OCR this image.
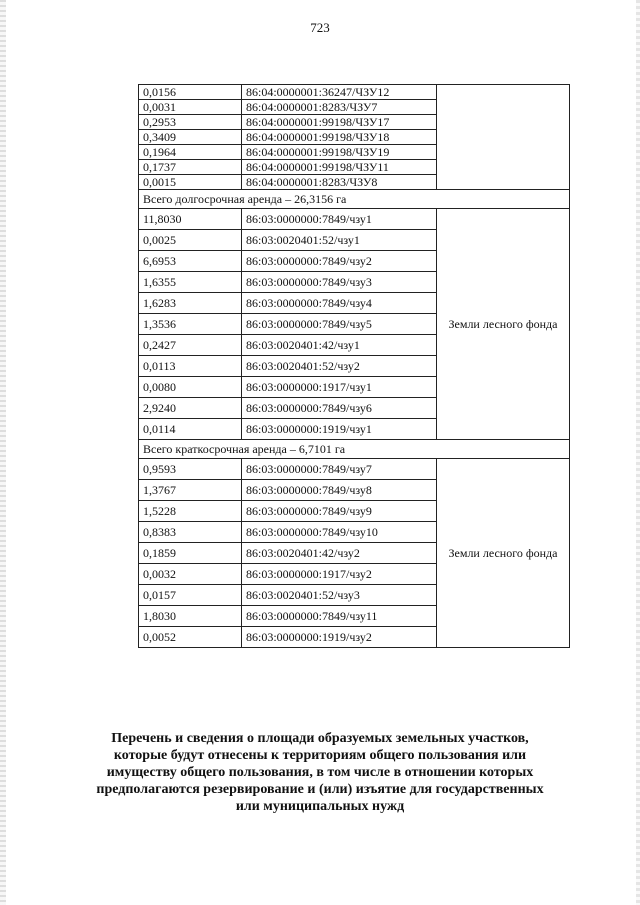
723
0,0156	86:04:0000001:36247/ЧЗУ12	
0,0031	86:04:0000001:8283/ЧЗУ7	
0,2953	86:04:0000001:99198/ЧЗУ17	
0,3409	86:04:0000001:99198/ЧЗУ18	
0,1964	86:04:0000001:99198/ЧЗУ19	
0,1737	86:04:0000001:99198/ЧЗУ11	
0,0015	86:04:0000001:8283/ЧЗУ8	
Всего долгосрочная аренда – 26,3156 га		
11,8030	86:03:0000000:7849/чзу1	Земли лесного фонда
0,0025	86:03:0020401:52/чзу1	
6,6953	86:03:0000000:7849/чзу2	
1,6355	86:03:0000000:7849/чзу3	
1,6283	86:03:0000000:7849/чзу4	
1,3536	86:03:0000000:7849/чзу5	
0,2427	86:03:0020401:42/чзу1	
0,0113	86:03:0020401:52/чзу2	
0,0080	86:03:0000000:1917/чзу1	
2,9240	86:03:0000000:7849/чзу6	
0,0114	86:03:0000000:1919/чзу1	
Всего краткосрочная аренда – 6,7101 га		
0,9593	86:03:0000000:7849/чзу7	Земли лесного фонда
1,3767	86:03:0000000:7849/чзу8	
1,5228	86:03:0000000:7849/чзу9	
0,8383	86:03:0000000:7849/чзу10	
0,1859	86:03:0020401:42/чзу2	
0,0032	86:03:0000000:1917/чзу2	
0,0157	86:03:0020401:52/чзу3	
1,8030	86:03:0000000:7849/чзу11	
0,0052	86:03:0000000:1919/чзу2	
Перечень и сведения о площади образуемых земельных участков,
которые будут отнесены к территориям общего пользования или
имуществу общего пользования, в том числе в отношении которых
предполагаются резервирование и (или) изъятие для государственных
или муниципальных нужд
